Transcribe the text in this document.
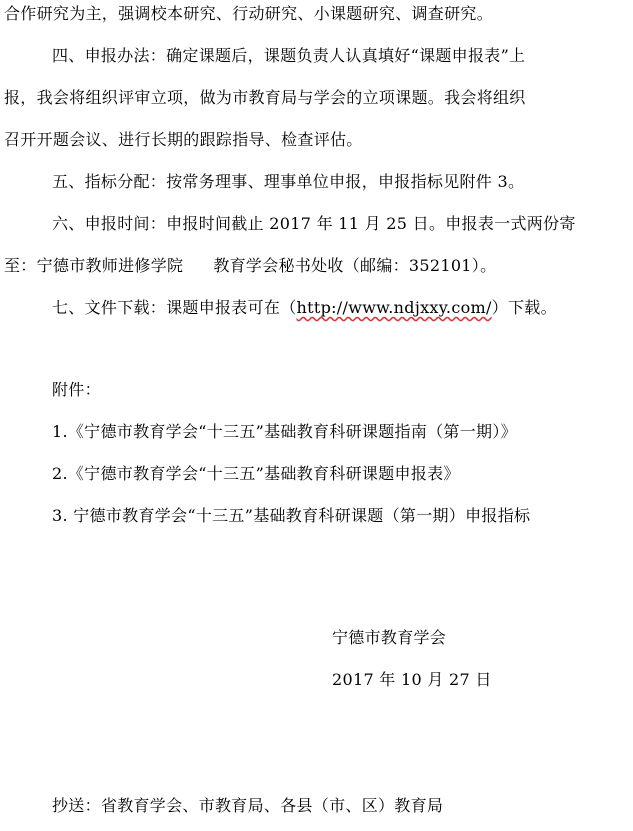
合作研究为主，强调校本研究、行动研究、小课题研究、调查研究。
四、申报办法：确定课题后，课题负责人认真填好“课题申报表”上
报，我会将组织评审立项，做为市教育局与学会的立项课题。我会将组织
召开开题会议、进行长期的跟踪指导、检查评估。
五、指标分配：按常务理事、理事单位申报，申报指标见附件 3。
六、申报时间：申报时间截止 2017 年 11 月 25 日。申报表一式两份寄
至：宁德市教师进修学院 教育学会秘书处收（邮编：352101）。
七、文件下载：课题申报表可在（http://www.ndjxxy.com/）下载。
附件：
1.《宁德市教育学会“十三五”基础教育科研课题指南（第一期）》
2.《宁德市教育学会“十三五”基础教育科研课题申报表》
3. 宁德市教育学会“十三五”基础教育科研课题（第一期）申报指标
宁德市教育学会
2017 年 10 月 27 日
抄送：省教育学会、市教育局、各县（市、区）教育局
